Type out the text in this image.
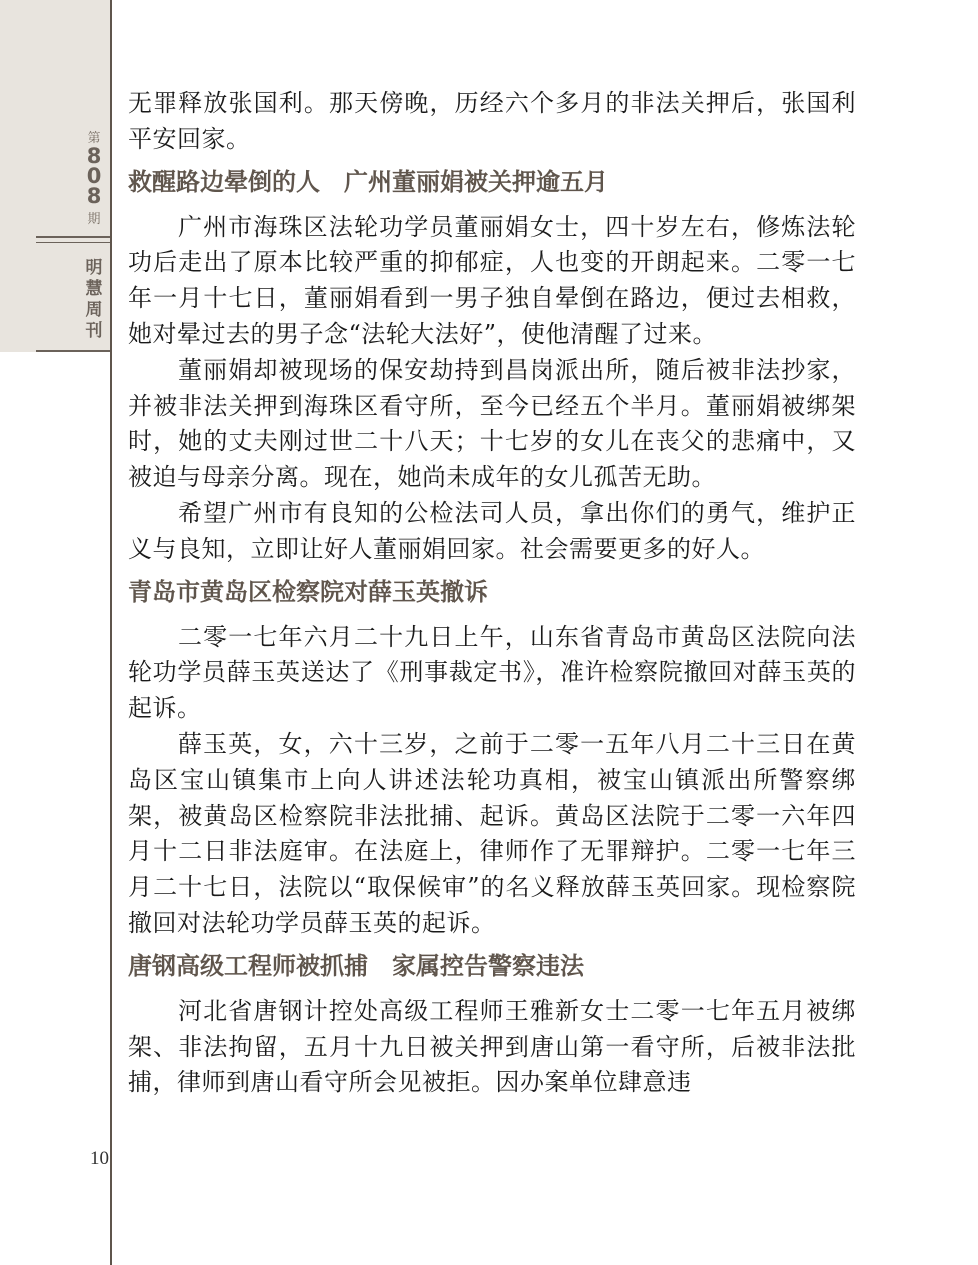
第
8
0
8
期
明
慧
周
刊
10

无罪释放张国利。那天傍晚，历经六个多月的非法关押后，张国利平安回家。

救醒路边晕倒的人　广州董丽娟被关押逾五月

广州市海珠区法轮功学员董丽娟女士，四十岁左右，修炼法轮功后走出了原本比较严重的抑郁症，人也变的开朗起来。二零一七年一月十七日，董丽娟看到一男子独自晕倒在路边，便过去相救，她对晕过去的男子念“法轮大法好”，使他清醒了过来。

董丽娟却被现场的保安劫持到昌岗派出所，随后被非法抄家，并被非法关押到海珠区看守所，至今已经五个半月。董丽娟被绑架时，她的丈夫刚过世二十八天；十七岁的女儿在丧父的悲痛中，又被迫与母亲分离。现在，她尚未成年的女儿孤苦无助。

希望广州市有良知的公检法司人员，拿出你们的勇气，维护正义与良知，立即让好人董丽娟回家。社会需要更多的好人。

青岛市黄岛区检察院对薛玉英撤诉

二零一七年六月二十九日上午，山东省青岛市黄岛区法院向法轮功学员薛玉英送达了《刑事裁定书》，准许检察院撤回对薛玉英的起诉。

薛玉英，女，六十三岁，之前于二零一五年八月二十三日在黄岛区宝山镇集市上向人讲述法轮功真相，被宝山镇派出所警察绑架，被黄岛区检察院非法批捕、起诉。黄岛区法院于二零一六年四月十二日非法庭审。在法庭上，律师作了无罪辩护。二零一七年三月二十七日，法院以“取保候审”的名义释放薛玉英回家。现检察院撤回对法轮功学员薛玉英的起诉。

唐钢高级工程师被抓捕　家属控告警察违法

河北省唐钢计控处高级工程师王雅新女士二零一七年五月被绑架、非法拘留，五月十九日被关押到唐山第一看守所，后被非法批捕，律师到唐山看守所会见被拒。因办案单位肆意违
